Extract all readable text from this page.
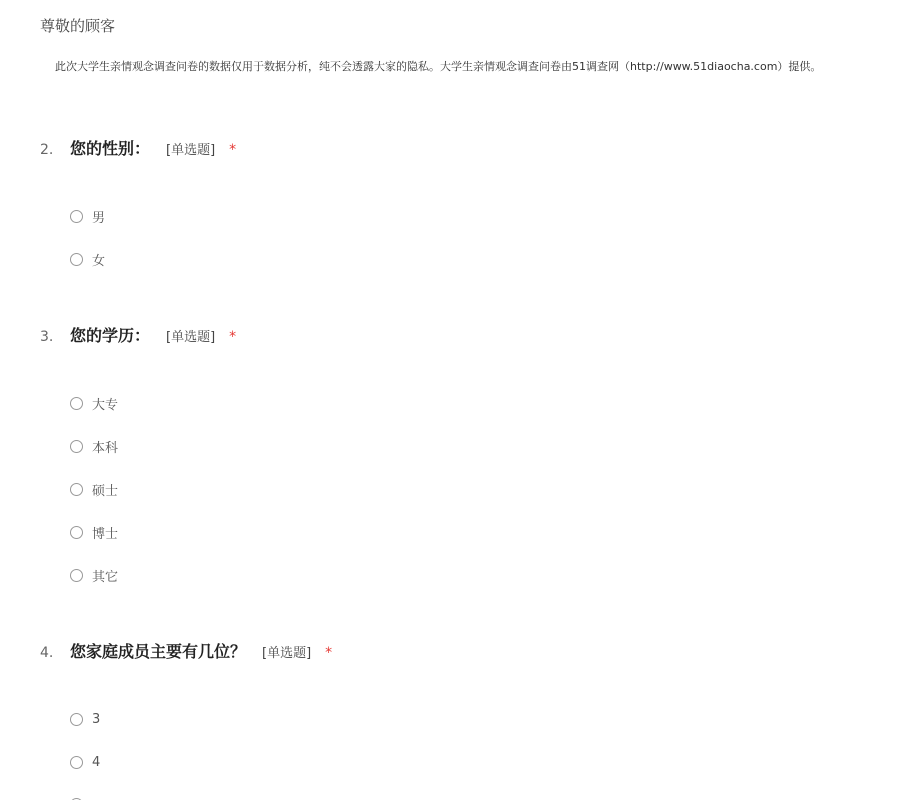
尊敬的顾客
此次大学生亲情观念调查问卷的数据仅用于数据分析，纯不会透露大家的隐私。大学生亲情观念调查问卷由51调查网（http://www.51diaocha.com）提供。
2.	您的性别： [单选题] *
男
女
3.	您的学历： [单选题] *
大专
本科
硕士
博士
其它
4.	您家庭成员主要有几位？ [单选题] *
3
4
